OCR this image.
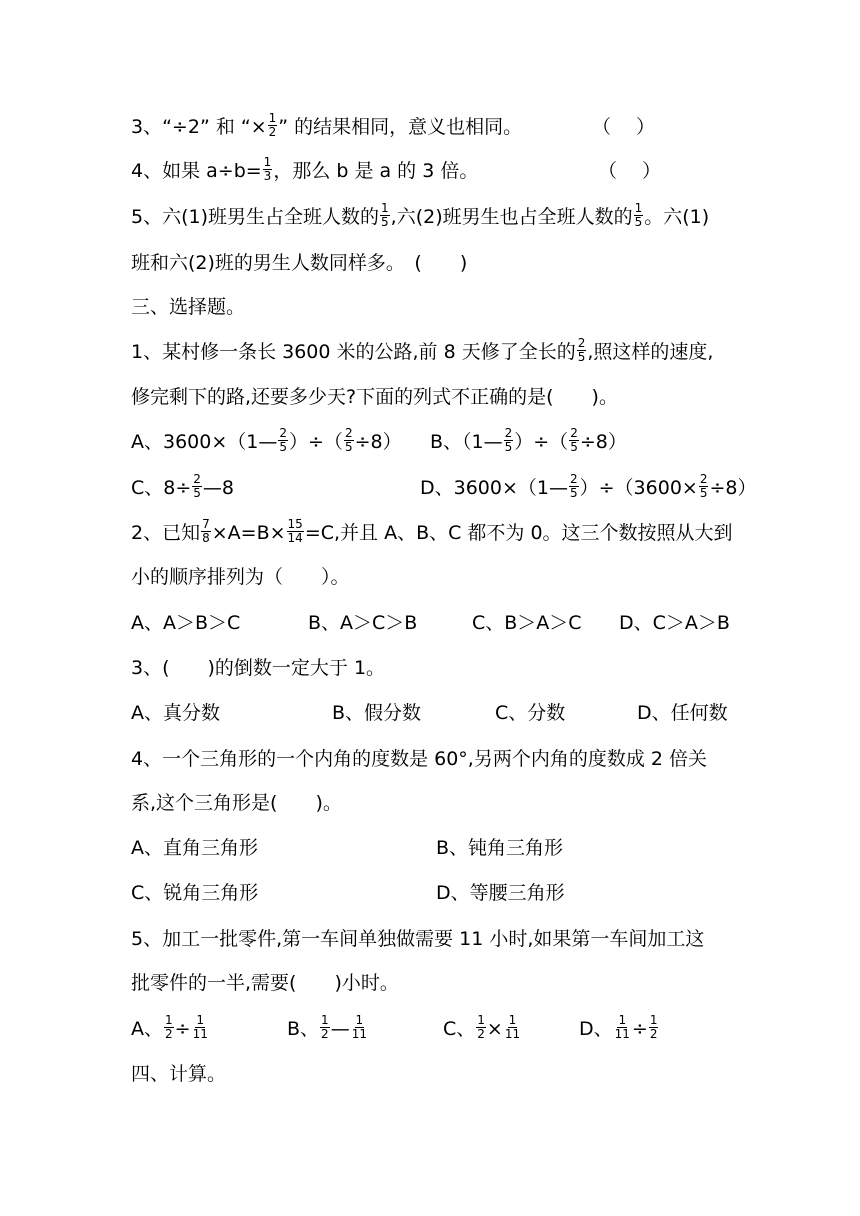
3、“÷2” 和 “× $\frac{1}{2}$ ” 的结果相同，意义也相同。	（　 ）
4、如果 $a\div b= \frac{1}{3}$ ，那么 b 是 a 的 3 倍。	（　 ）
5、六(1)班男生占全班人数的 $\frac{1}{5}$ ,六(2)班男生也占全班人数的 $\frac{1}{5}$ 。六(1)
班和六(2)班的男生人数同样多。　(　　)
三、选择题。
1、某村修一条长 3600 米的公路,前 8 天修了全长的 $\frac{2}{5}$ ,照这样的速度,
修完剩下的路,还要多少天?下面的列式不正确的是(　　)。
A、3600×（1— $\frac{2}{5}$ ）÷（ $\frac{2}{5} \div 8$） B、（1— $\frac{2}{5}$ ）÷（ $\frac{2}{5} \div 8$）
C、$8\div \frac{2}{5}$ —8	D、3600×（1— $\frac{2}{5} )\div(3600\times \frac{2}{5} \div 8)$
2、已知 $\frac{7}{8} \times A=B\times \frac{15}{14} =C$,并且 A、B、C 都不为 0。这三个数按照从大到
小的顺序排列为（　　）。
A、A＞B＞C	B、A＞C＞B	C、B＞A＞C D、C＞A＞B
3、(　　)的倒数一定大于 1。
A、真分数	B、假分数	C、分数	D、任何数
4、一个三角形的一个内角的度数是 60°,另两个内角的度数成 2 倍关
系,这个三角形是(　　)。
A、直角三角形	B、钝角三角形
C、锐角三角形	D、等腰三角形
5、加工一批零件,第一车间单独做需要 11 小时,如果第一车间加工这
批零件的一半,需要(　　)小时。
A、 $\frac{1}{2} \div \frac{1}{11}$	B、 $\frac{1}{2}$ — $\frac{1}{11}$	C、 $\frac{1}{2} \times \frac{1}{11}$	D、 $\frac{1}{11} \div \frac{1}{2}$
四、计算。
